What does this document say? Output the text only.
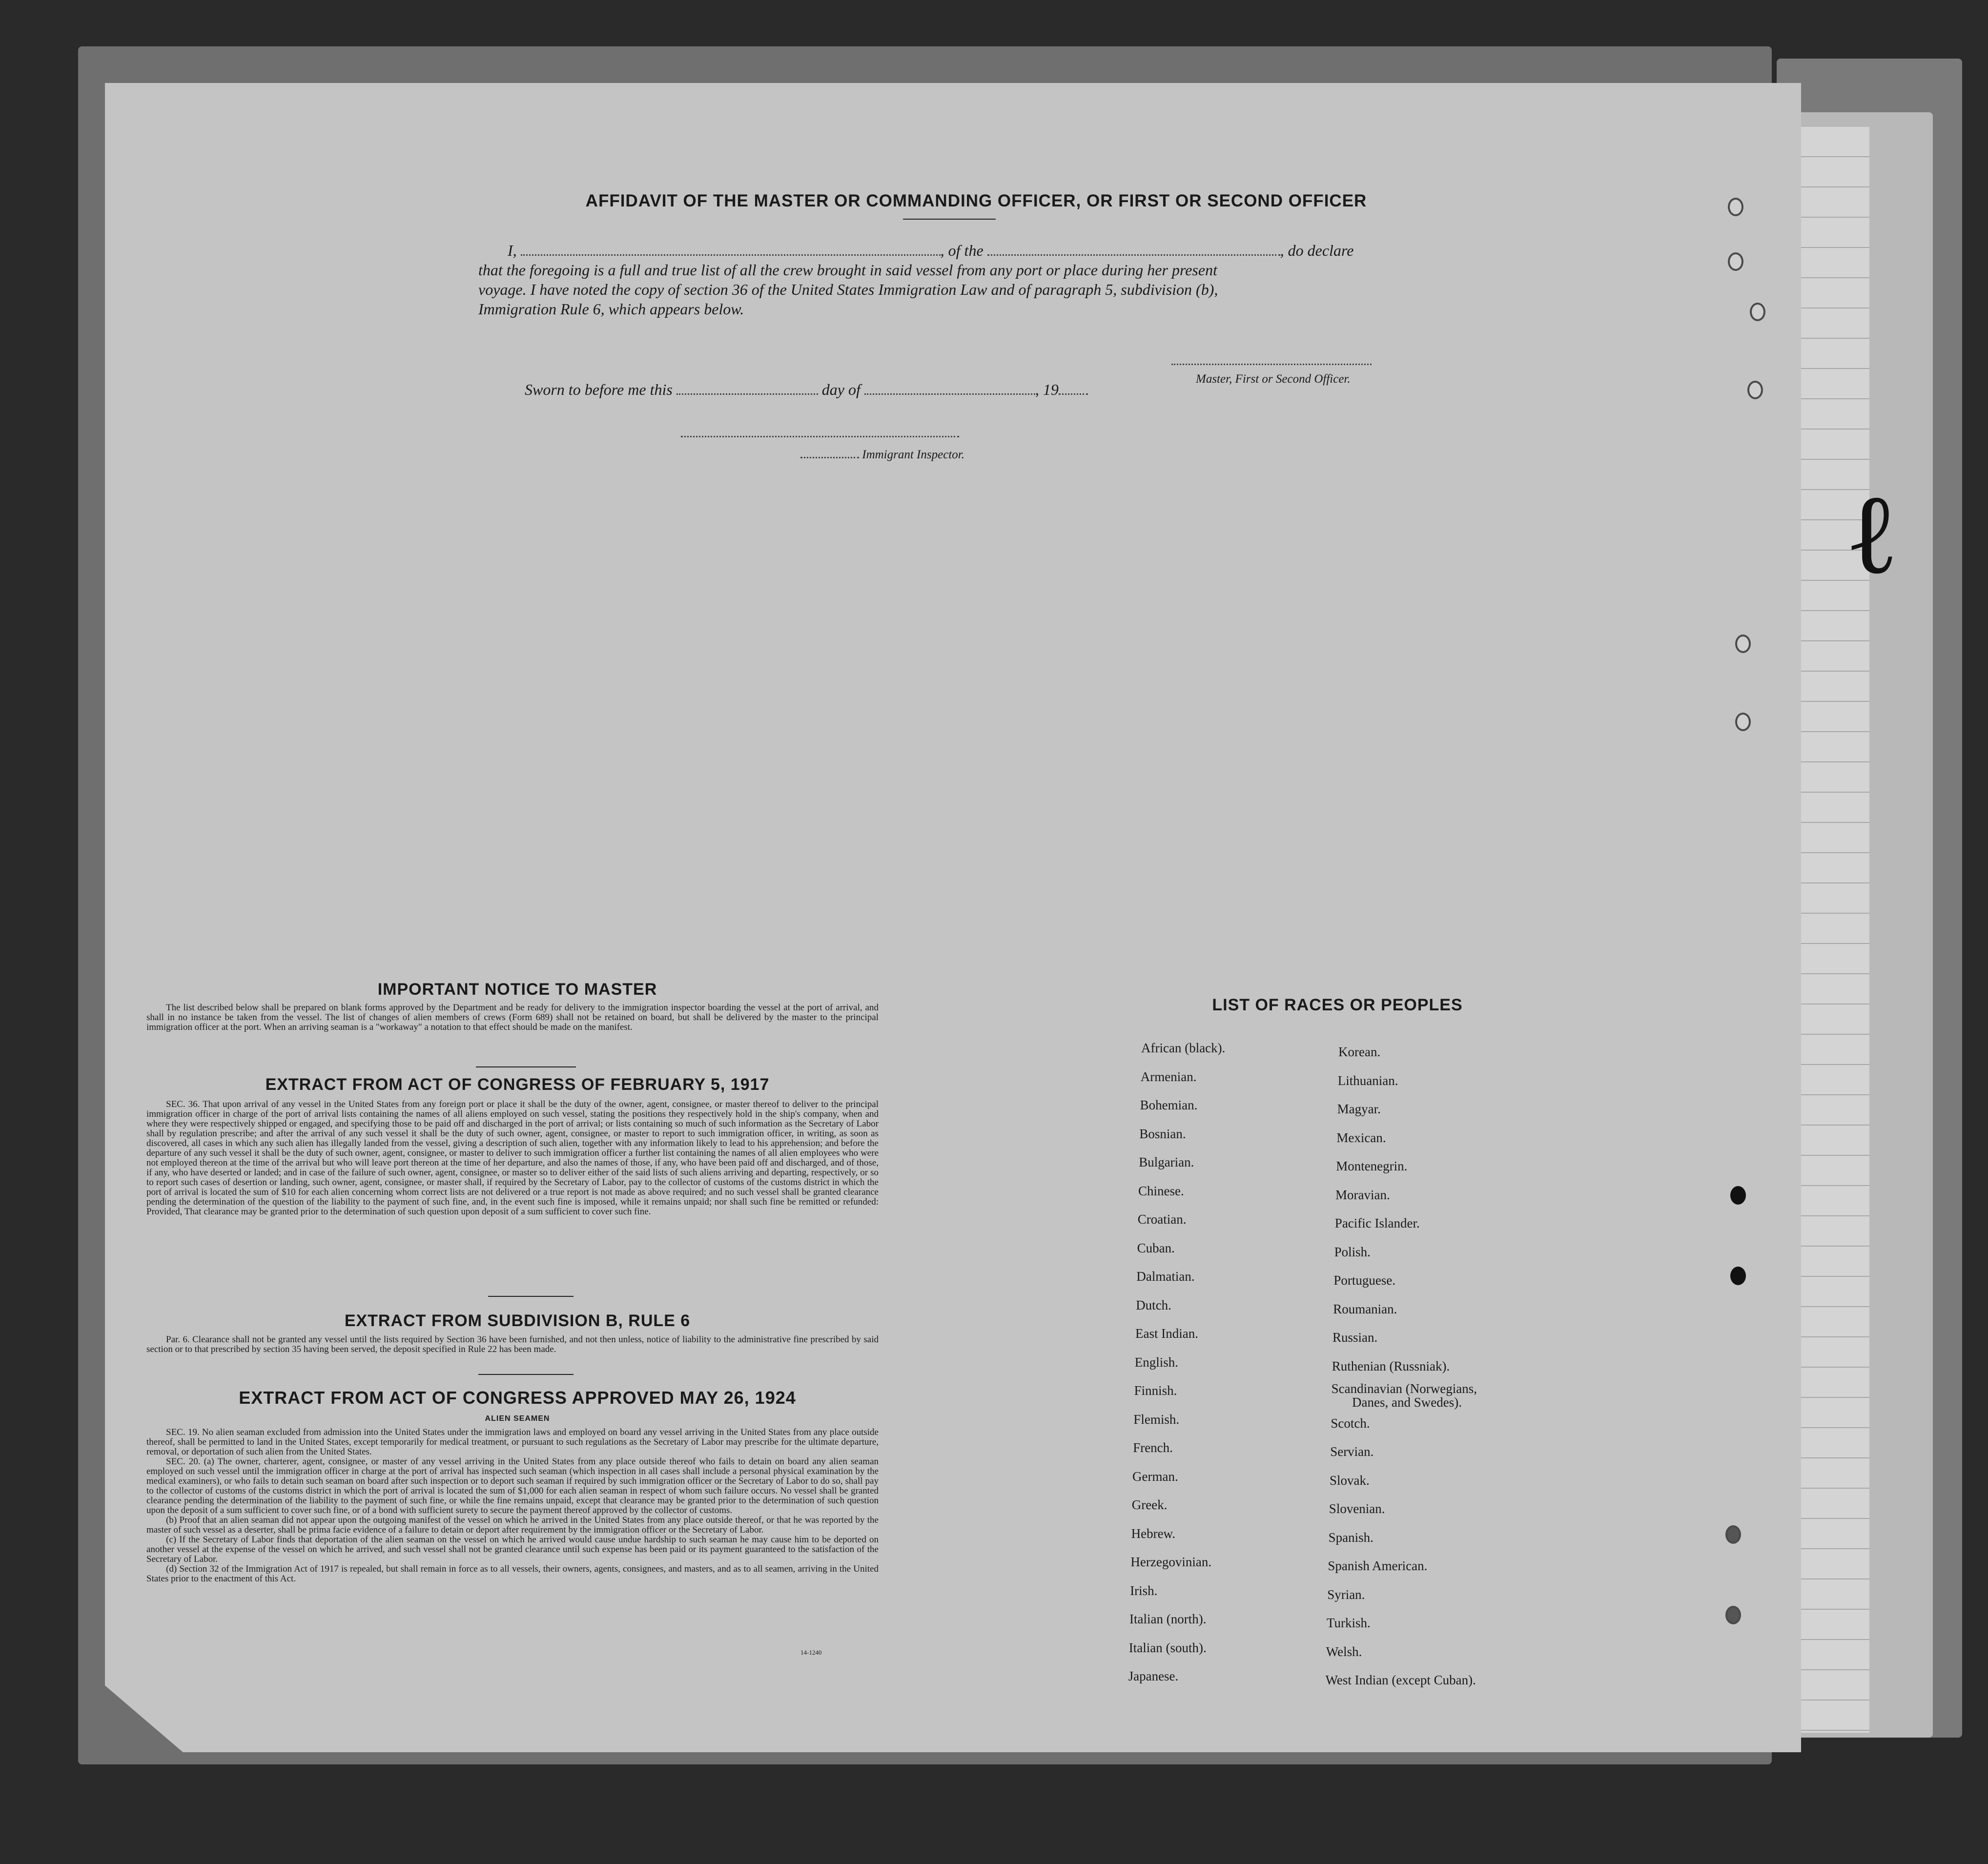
AFFIDAVIT OF THE MASTER OR COMMANDING OFFICER, OR FIRST OR SECOND OFFICER
I,	, of the	, do declare
that the foregoing is a full and true list of all the crew brought in said vessel from any port or place during her present
voyage. I have noted the copy of section 36 of the United States Immigration Law and of paragraph 5, subdivision (b),
Immigration Rule 6, which appears below.
Master, First or Second Officer.
Sworn to before me this	day of	, 19
Immigrant Inspector.
IMPORTANT NOTICE TO MASTER

The list described below shall be prepared on blank forms approved by the Department and be ready for delivery to the immigration inspector boarding the vessel at the port of arrival, and shall in no instance be taken from the vessel. The list of changes of alien members of crews (Form 689) shall not be retained on board, but shall be delivered by the master to the principal immigration officer at the port. When an arriving seaman is a "workaway" a notation to that effect should be made on the manifest.

EXTRACT FROM ACT OF CONGRESS OF FEBRUARY 5, 1917

SEC. 36. That upon arrival of any vessel in the United States from any foreign port or place it shall be the duty of the owner, agent, consignee, or master thereof to deliver to the principal immigration officer in charge of the port of arrival lists containing the names of all aliens employed on such vessel, stating the positions they respectively hold in the ship's company, when and where they were respectively shipped or engaged, and specifying those to be paid off and discharged in the port of arrival; or lists containing so much of such information as the Secretary of Labor shall by regulation prescribe; and after the arrival of any such vessel it shall be the duty of such owner, agent, consignee, or master to report to such immigration officer, in writing, as soon as discovered, all cases in which any such alien has illegally landed from the vessel, giving a description of such alien, together with any information likely to lead to his apprehension; and before the departure of any such vessel it shall be the duty of such owner, agent, consignee, or master to deliver to such immigration officer a further list containing the names of all alien employees who were not employed thereon at the time of the arrival but who will leave port thereon at the time of her departure, and also the names of those, if any, who have been paid off and discharged, and of those, if any, who have deserted or landed; and in case of the failure of such owner, agent, consignee, or master so to deliver either of the said lists of such aliens arriving and departing, respectively, or so to report such cases of desertion or landing, such owner, agent, consignee, or master shall, if required by the Secretary of Labor, pay to the collector of customs of the customs district in which the port of arrival is located the sum of $10 for each alien concerning whom correct lists are not delivered or a true report is not made as above required; and no such vessel shall be granted clearance pending the determination of the question of the liability to the payment of such fine, and, in the event such fine is imposed, while it remains unpaid; nor shall such fine be remitted or refunded: Provided, That clearance may be granted prior to the determination of such question upon deposit of a sum sufficient to cover such fine.

EXTRACT FROM SUBDIVISION B, RULE 6

Par. 6. Clearance shall not be granted any vessel until the lists required by Section 36 have been furnished, and not then unless, notice of liability to the administrative fine prescribed by said section or to that prescribed by section 35 having been served, the deposit specified in Rule 22 has been made.

EXTRACT FROM ACT OF CONGRESS APPROVED MAY 26, 1924
ALIEN SEAMEN

SEC. 19. No alien seaman excluded from admission into the United States under the immigration laws and employed on board any vessel arriving in the United States from any place outside thereof, shall be permitted to land in the United States, except temporarily for medical treatment, or pursuant to such regulations as the Secretary of Labor may prescribe for the ultimate departure, removal, or deportation of such alien from the United States.

SEC. 20. (a) The owner, charterer, agent, consignee, or master of any vessel arriving in the United States from any place outside thereof who fails to detain on board any alien seaman employed on such vessel until the immigration officer in charge at the port of arrival has inspected such seaman (which inspection in all cases shall include a personal physical examination by the medical examiners), or who fails to detain such seaman on board after such inspection or to deport such seaman if required by such immigration officer or the Secretary of Labor to do so, shall pay to the collector of customs of the customs district in which the port of arrival is located the sum of $1,000 for each alien seaman in respect of whom such failure occurs. No vessel shall be granted clearance pending the determination of the liability to the payment of such fine, or while the fine remains unpaid, except that clearance may be granted prior to the determination of such question upon the deposit of a sum sufficient to cover such fine, or of a bond with sufficient surety to secure the payment thereof approved by the collector of customs.

(b) Proof that an alien seaman did not appear upon the outgoing manifest of the vessel on which he arrived in the United States from any place outside thereof, or that he was reported by the master of such vessel as a deserter, shall be prima facie evidence of a failure to detain or deport after requirement by the immigration officer or the Secretary of Labor.

(c) If the Secretary of Labor finds that deportation of the alien seaman on the vessel on which he arrived would cause undue hardship to such seaman he may cause him to be deported on another vessel at the expense of the vessel on which he arrived, and such vessel shall not be granted clearance until such expense has been paid or its payment guaranteed to the satisfaction of the Secretary of Labor.

(d) Section 32 of the Immigration Act of 1917 is repealed, but shall remain in force as to all vessels, their owners, agents, consignees, and masters, and as to all seamen, arriving in the United States prior to the enactment of this Act.

14-1240
LIST OF RACES OR PEOPLES
African (black).
Armenian.
Bohemian.
Bosnian.
Bulgarian.
Chinese.
Croatian.
Cuban.
Dalmatian.
Dutch.
East Indian.
English.
Finnish.
Flemish.
French.
German.
Greek.
Hebrew.
Herzegovinian.
Irish.
Italian (north).
Italian (south).
Japanese.
Korean.
Lithuanian.
Magyar.
Mexican.
Montenegrin.
Moravian.
Pacific Islander.
Polish.
Portuguese.
Roumanian.
Russian.
Ruthenian (Russniak).
Scandinavian (Norwegians,
Scotch.
Servian.
Slovak.
Slovenian.
Spanish.
Spanish American.
Syrian.
Turkish.
Welsh.
West Indian (except Cuban).
Danes, and Swedes).
ℓ
